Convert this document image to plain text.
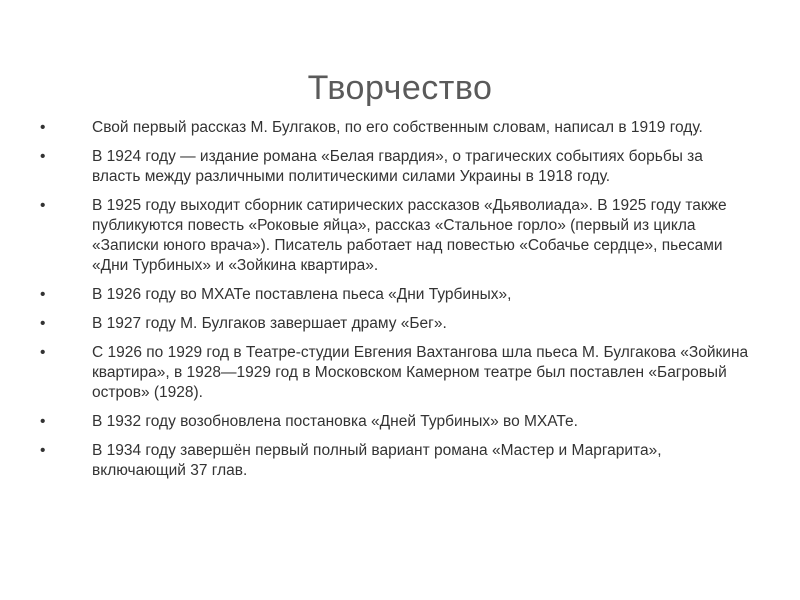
Творчество
•	Свой первый рассказ М. Булгаков, по его собственным словам, написал в 1919 году.
•	В 1924 году — издание романа «Белая гвардия», о трагических событиях борьбы за власть между различными политическими силами Украины в 1918 году.
•	В 1925 году выходит сборник сатирических рассказов «Дьяволиада». В 1925 году также публикуются повесть «Роковые яйца», рассказ «Стальное горло» (первый из цикла «Записки юного врача»). Писатель работает над повестью «Собачье сердце», пьесами «Дни Турбиных» и «Зойкина квартира».
•	В 1926 году во МХАТе поставлена пьеса «Дни Турбиных»,
•	В 1927 году М. Булгаков завершает драму «Бег».
•	С 1926 по 1929 год в Театре-студии Евгения Вахтангова шла пьеса М. Булгакова «Зойкина квартира», в 1928—1929 год в Московском Камерном театре был поставлен «Багровый остров» (1928).
•	В 1932 году возобновлена постановка «Дней Турбиных» во МХАТе.
•	В 1934 году завершён первый полный вариант романа «Мастер и Маргарита», включающий 37 глав.
